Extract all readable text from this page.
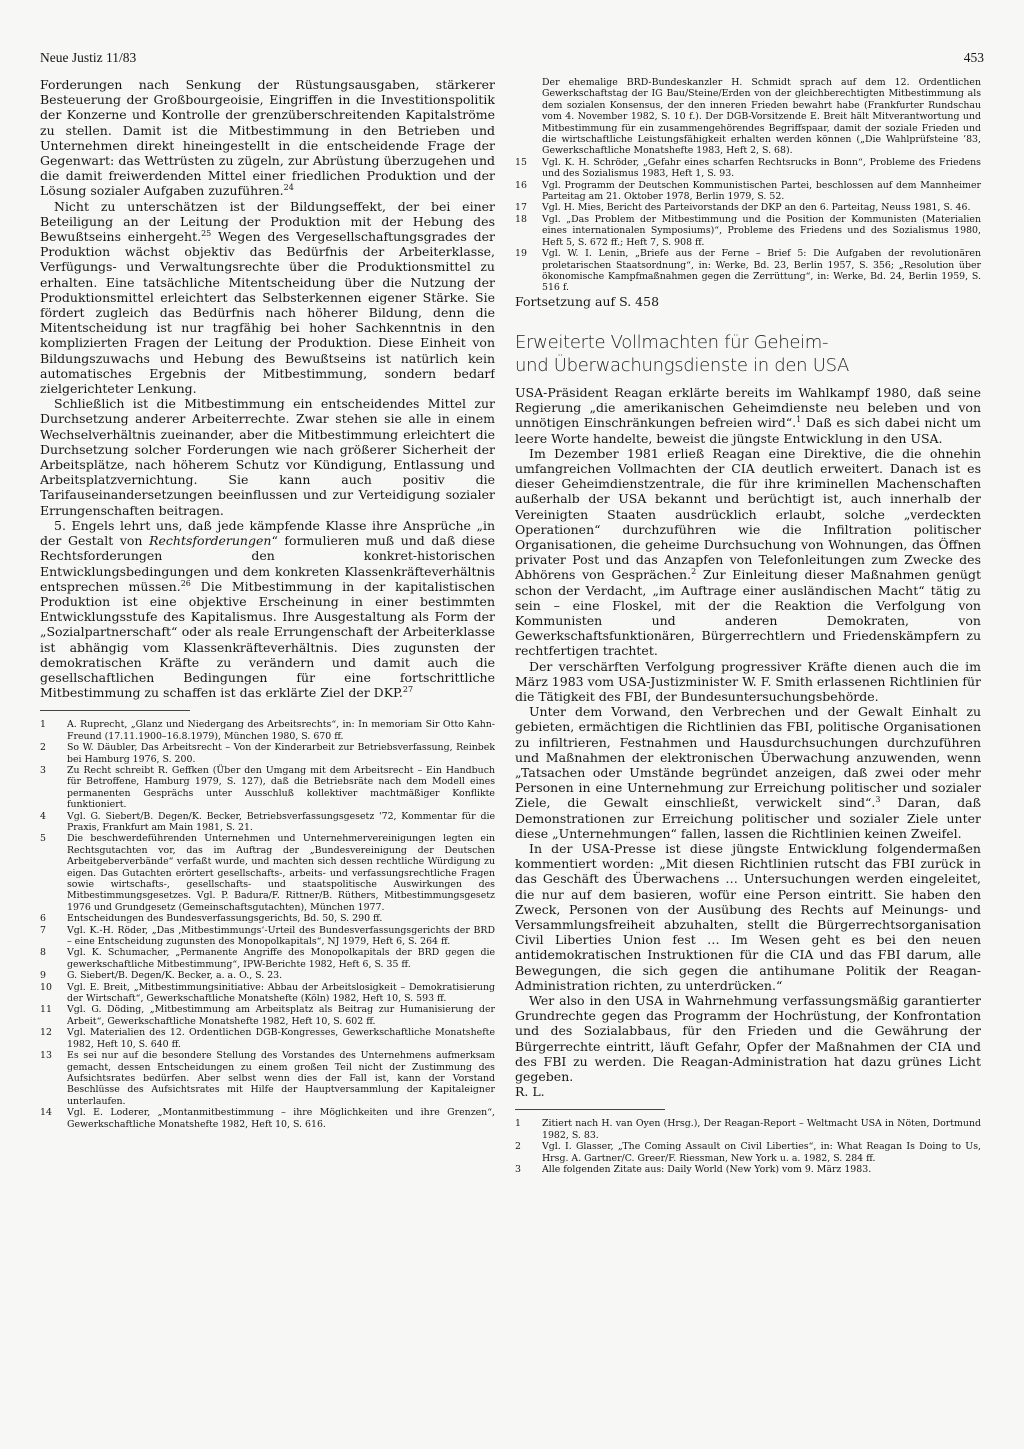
Neue Justiz 11/83	453

Forderungen nach Senkung der Rüstungsausgaben, stärkerer Besteuerung der Großbourgeoisie, Eingriffen in die Investitionspolitik der Konzerne und Kontrolle der grenzüberschreitenden Kapitalströme zu stellen. Damit ist die Mitbestimmung in den Betrieben und Unternehmen direkt hineingestellt in die entscheidende Frage der Gegenwart: das Wettrüsten zu zügeln, zur Abrüstung überzugehen und die damit freiwerdenden Mittel einer friedlichen Produktion und der Lösung sozialer Aufgaben zuzuführen.$^{24}$

Nicht zu unterschätzen ist der Bildungseffekt, der bei einer Beteiligung an der Leitung der Produktion mit der Hebung des Bewußtseins einhergeht.$^{25}$ Wegen des Vergesellschaftungsgrades der Produktion wächst objektiv das Bedürfnis der Arbeiterklasse, Verfügungs- und Verwaltungsrechte über die Produktionsmittel zu erhalten. Eine tatsächliche Mitentscheidung über die Nutzung der Produktionsmittel erleichtert das Selbsterkennen eigener Stärke. Sie fördert zugleich das Bedürfnis nach höherer Bildung, denn die Mitentscheidung ist nur tragfähig bei hoher Sachkenntnis in den komplizierten Fragen der Leitung der Produktion. Diese Einheit von Bildungszuwachs und Hebung des Bewußtseins ist natürlich kein automatisches Ergebnis der Mitbestimmung, sondern bedarf zielgerichteter Lenkung.

Schließlich ist die Mitbestimmung ein entscheidendes Mittel zur Durchsetzung anderer Arbeiterrechte. Zwar stehen sie alle in einem Wechselverhältnis zueinander, aber die Mitbestimmung erleichtert die Durchsetzung solcher Forderungen wie nach größerer Sicherheit der Arbeitsplätze, nach höherem Schutz vor Kündigung, Entlassung und Arbeitsplatzvernichtung. Sie kann auch positiv die Tarifauseinandersetzungen beeinflussen und zur Verteidigung sozialer Errungenschaften beitragen.

5. Engels lehrt uns, daß jede kämpfende Klasse ihre Ansprüche „in der Gestalt von Rechtsforderungen“ formulieren muß und daß diese Rechtsforderungen den konkret-historischen Entwicklungsbedingungen und dem konkreten Klassenkräfteverhältnis entsprechen müssen.$^{26}$ Die Mitbestimmung in der kapitalistischen Produktion ist eine objektive Erscheinung in einer bestimmten Entwicklungsstufe des Kapitalismus. Ihre Ausgestaltung als Form der „Sozialpartnerschaft“ oder als reale Errungenschaft der Arbeiterklasse ist abhängig vom Klassenkräfteverhältnis. Dies zugunsten der demokratischen Kräfte zu verändern und damit auch die gesellschaftlichen Bedingungen für eine fortschrittliche Mitbestimmung zu schaffen ist das erklärte Ziel der DKP.$^{27}$

1	A. Ruprecht, „Glanz und Niedergang des Arbeitsrechts“, in: In memoriam Sir Otto Kahn-Freund (17.11.1900–16.8.1979), München 1980, S. 670 ff.
2	So W. Däubler, Das Arbeitsrecht – Von der Kinderarbeit zur Betriebsverfassung, Reinbek bei Hamburg 1976, S. 200.
3	Zu Recht schreibt R. Geffken (Über den Umgang mit dem Arbeitsrecht – Ein Handbuch für Betroffene, Hamburg 1979, S. 127), daß die Betriebsräte nach dem Modell eines permanenten Gesprächs unter Ausschluß kollektiver machtmäßiger Konflikte funktioniert.
4	Vgl. G. Siebert/B. Degen/K. Becker, Betriebsverfassungsgesetz '72, Kommentar für die Praxis, Frankfurt am Main 1981, S. 21.
5	Die beschwerdeführenden Unternehmen und Unternehmervereinigungen legten ein Rechtsgutachten vor, das im Auftrag der „Bundesvereinigung der Deutschen Arbeitgeberverbände“ verfaßt wurde, und machten sich dessen rechtliche Würdigung zu eigen. Das Gutachten erörtert gesellschafts-, arbeits- und verfassungsrechtliche Fragen sowie wirtschafts-, gesellschafts- und staatspolitische Auswirkungen des Mitbestimmungsgesetzes. Vgl. P. Badura/F. Rittner/B. Rüthers, Mitbestimmungsgesetz 1976 und Grundgesetz (Gemeinschaftsgutachten), München 1977.
6	Entscheidungen des Bundesverfassungsgerichts, Bd. 50, S. 290 ff.
7	Vgl. K.-H. Röder, „Das ‚Mitbestimmungs‘-Urteil des Bundesverfassungsgerichts der BRD – eine Entscheidung zugunsten des Monopolkapitals“, NJ 1979, Heft 6, S. 264 ff.
8	Vgl. K. Schumacher, „Permanente Angriffe des Monopolkapitals der BRD gegen die gewerkschaftliche Mitbestimmung“, IPW-Berichte 1982, Heft 6, S. 35 ff.
9	G. Siebert/B. Degen/K. Becker, a. a. O., S. 23.
10	Vgl. E. Breit, „Mitbestimmungsinitiative: Abbau der Arbeitslosigkeit – Demokratisierung der Wirtschaft“, Gewerkschaftliche Monatshefte (Köln) 1982, Heft 10, S. 593 ff.
11	Vgl. G. Döding, „Mitbestimmung am Arbeitsplatz als Beitrag zur Humanisierung der Arbeit“, Gewerkschaftliche Monatshefte 1982, Heft 10, S. 602 ff.
12	Vgl. Materialien des 12. Ordentlichen DGB-Kongresses, Gewerkschaftliche Monatshefte 1982, Heft 10, S. 640 ff.
13	Es sei nur auf die besondere Stellung des Vorstandes des Unternehmens aufmerksam gemacht, dessen Entscheidungen zu einem großen Teil nicht der Zustimmung des Aufsichtsrates bedürfen. Aber selbst wenn dies der Fall ist, kann der Vorstand Beschlüsse des Aufsichtsrates mit Hilfe der Hauptversammlung der Kapitaleigner unterlaufen.
14	Vgl. E. Loderer, „Montanmitbestimmung – ihre Möglichkeiten und ihre Grenzen“, Gewerkschaftliche Monatshefte 1982, Heft 10, S. 616.
Der ehemalige BRD-Bundeskanzler H. Schmidt sprach auf dem 12. Ordentlichen Gewerkschaftstag der IG Bau/Steine/Erden von der gleichberechtigten Mitbestimmung als dem sozialen Konsensus, der den inneren Frieden bewahrt habe (Frankfurter Rundschau vom 4. November 1982, S. 10 f.). Der DGB-Vorsitzende E. Breit hält Mitverantwortung und Mitbestimmung für ein zusammengehörendes Begriffspaar, damit der soziale Frieden und die wirtschaftliche Leistungsfähigkeit erhalten werden können („Die Wahlprüfsteine ’83, Gewerkschaftliche Monatshefte 1983, Heft 2, S. 68).
15	Vgl. K. H. Schröder, „Gefahr eines scharfen Rechtsrucks in Bonn“, Probleme des Friedens und des Sozialismus 1983, Heft 1, S. 93.
16	Vgl. Programm der Deutschen Kommunistischen Partei, beschlossen auf dem Mannheimer Parteitag am 21. Oktober 1978, Berlin 1979, S. 52.
17	Vgl. H. Mies, Bericht des Parteivorstands der DKP an den 6. Parteitag, Neuss 1981, S. 46.
18	Vgl. „Das Problem der Mitbestimmung und die Position der Kommunisten (Materialien eines internationalen Symposiums)“, Probleme des Friedens und des Sozialismus 1980, Heft 5, S. 672 ff.; Heft 7, S. 908 ff.
19	Vgl. W. I. Lenin, „Briefe aus der Ferne – Brief 5: Die Aufgaben der revolutionären proletarischen Staatsordnung“, in: Werke, Bd. 23, Berlin 1957, S. 356; „Resolution über ökonomische Kampfmaßnahmen gegen die Zerrüttung“, in: Werke, Bd. 24, Berlin 1959, S. 516 f.

Fortsetzung auf S. 458

Erweiterte Vollmachten für Geheim-
und Überwachungsdienste in den USA

USA-Präsident Reagan erklärte bereits im Wahlkampf 1980, daß seine Regierung „die amerikanischen Geheimdienste neu beleben und von unnötigen Einschränkungen befreien wird“.$^1$ Daß es sich dabei nicht um leere Worte handelte, beweist die jüngste Entwicklung in den USA.

Im Dezember 1981 erließ Reagan eine Direktive, die die ohnehin umfangreichen Vollmachten der CIA deutlich erweitert. Danach ist es dieser Geheimdienstzentrale, die für ihre kriminellen Machenschaften außerhalb der USA bekannt und berüchtigt ist, auch innerhalb der Vereinigten Staaten ausdrücklich erlaubt, solche „verdeckten Operationen“ durchzuführen wie die Infiltration politischer Organisationen, die geheime Durchsuchung von Wohnungen, das Öffnen privater Post und das Anzapfen von Telefonleitungen zum Zwecke des Abhörens von Gesprächen.$^2$ Zur Einleitung dieser Maßnahmen genügt schon der Verdacht, „im Auftrage einer ausländischen Macht“ tätig zu sein – eine Floskel, mit der die Reaktion die Verfolgung von Kommunisten und anderen Demokraten, von Gewerkschaftsfunktionären, Bürgerrechtlern und Friedenskämpfern zu rechtfertigen trachtet.

Der verschärften Verfolgung progressiver Kräfte dienen auch die im März 1983 vom USA-Justizminister W. F. Smith erlassenen Richtlinien für die Tätigkeit des FBI, der Bundesuntersuchungsbehörde.

Unter dem Vorwand, den Verbrechen und der Gewalt Einhalt zu gebieten, ermächtigen die Richtlinien das FBI, politische Organisationen zu infiltrieren, Festnahmen und Hausdurchsuchungen durchzuführen und Maßnahmen der elektronischen Überwachung anzuwenden, wenn „Tatsachen oder Umstände begründet anzeigen, daß zwei oder mehr Personen in eine Unternehmung zur Erreichung politischer und sozialer Ziele, die Gewalt einschließt, verwickelt sind“.$^3$ Daran, daß Demonstrationen zur Erreichung politischer und sozialer Ziele unter diese „Unternehmungen“ fallen, lassen die Richtlinien keinen Zweifel.

In der USA-Presse ist diese jüngste Entwicklung folgendermaßen kommentiert worden: „Mit diesen Richtlinien rutscht das FBI zurück in das Geschäft des Überwachens … Untersuchungen werden eingeleitet, die nur auf dem basieren, wofür eine Person eintritt. Sie haben den Zweck, Personen von der Ausübung des Rechts auf Meinungs- und Versammlungsfreiheit abzuhalten, stellt die Bürgerrechtsorganisation Civil Liberties Union fest … Im Wesen geht es bei den neuen antidemokratischen Instruktionen für die CIA und das FBI darum, alle Bewegungen, die sich gegen die antihumane Politik der Reagan-Administration richten, zu unterdrücken.“

Wer also in den USA in Wahrnehmung verfassungsmäßig garantierter Grundrechte gegen das Programm der Hochrüstung, der Konfrontation und des Sozialabbaus, für den Frieden und die Gewährung der Bürgerrechte eintritt, läuft Gefahr, Opfer der Maßnahmen der CIA und des FBI zu werden. Die Reagan-Administration hat dazu grünes Licht gegeben.

R. L.

1	Zitiert nach H. van Oyen (Hrsg.), Der Reagan-Report – Weltmacht USA in Nöten, Dortmund 1982, S. 83.
2	Vgl. I. Glasser, „The Coming Assault on Civil Liberties“, in: What Reagan Is Doing to Us, Hrsg. A. Gartner/C. Greer/F. Riessman, New York u. a. 1982, S. 284 ff.
3	Alle folgenden Zitate aus: Daily World (New York) vom 9. März 1983.
